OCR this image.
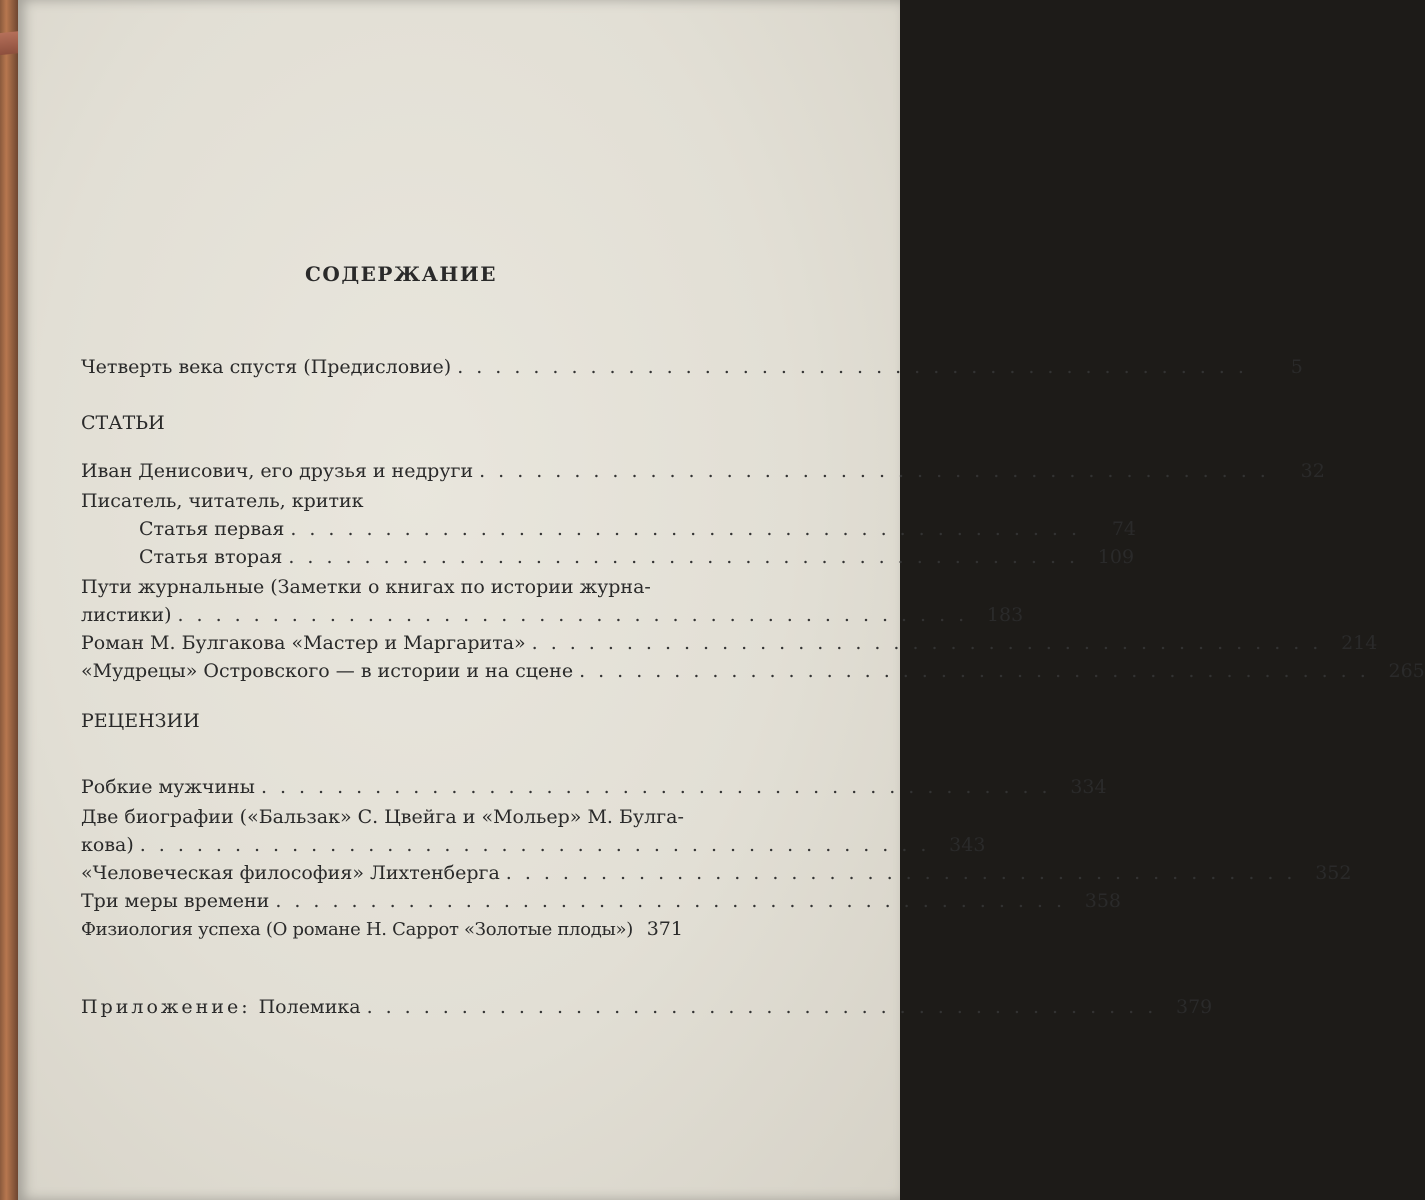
СОДЕРЖАНИЕ
Четверть века спустя (Предисловие) ..........................................	5
СТАТЬИ
Иван Денисович, его друзья и недруги ..........................................	32
Писатель, читатель, критик
Статья первая ..........................................	74
Статья вторая .......................................... 109
Пути журнальные (Заметки о книгах по истории журна-
листики) .......................................... 183
Роман М. Булгакова «Мастер и Маргарита» .......................................... 214
«Мудрецы» Островского — в истории и на сцене .......................................... 265
РЕЦЕНЗИИ
Робкие мужчины .......................................... 334
Две биографии («Бальзак» С. Цвейга и «Мольер» М. Булга-
кова) .......................................... 343
«Человеческая философия» Лихтенберга .......................................... 352
Три меры времени .......................................... 358
Физиология успеха (О романе Н. Саррот «Золотые плоды») 371
Приложение: Полемика .......................................... 379
